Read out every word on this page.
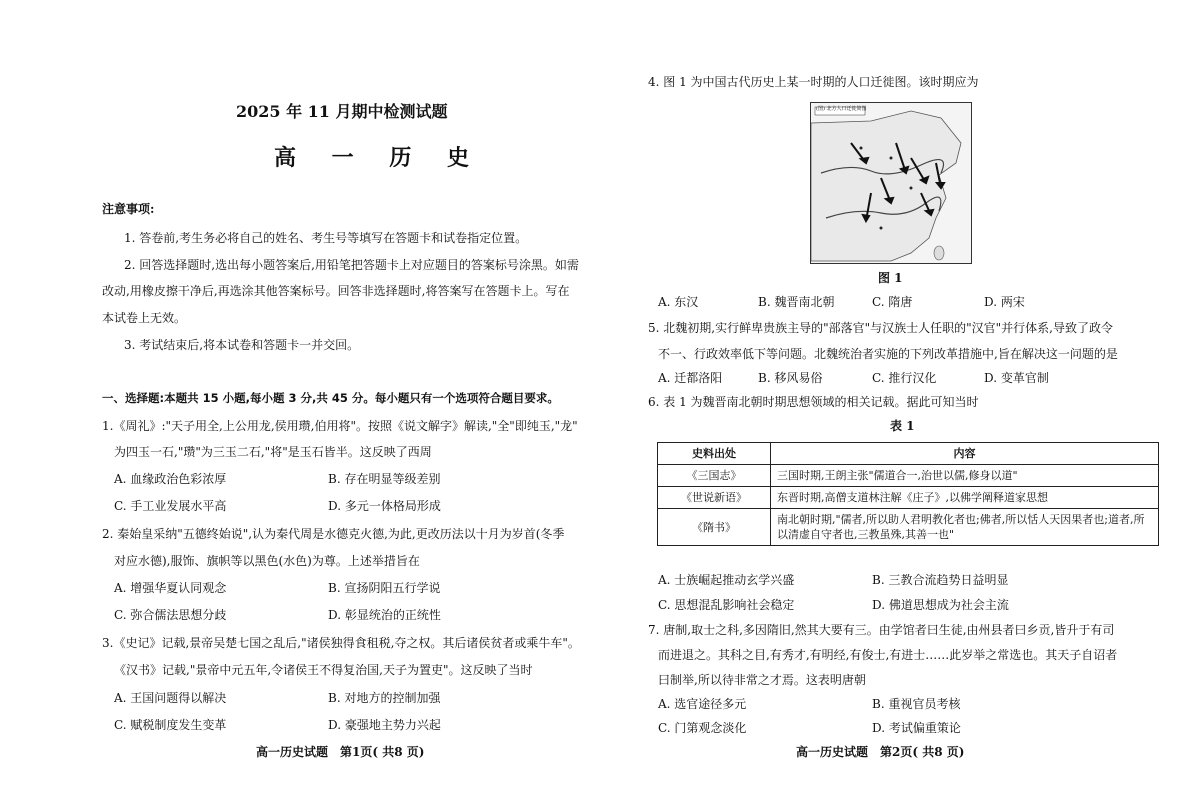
2025 年 11 月期中检测试题
高 一 历 史
注意事项:
1. 答卷前,考生务必将自己的姓名、考生号等填写在答题卡和试卷指定位置。
2. 回答选择题时,选出每小题答案后,用铅笔把答题卡上对应题目的答案标号涂黑。如需
改动,用橡皮擦干净后,再选涂其他答案标号。回答非选择题时,将答案写在答题卡上。写在
本试卷上无效。
3. 考试结束后,将本试卷和答题卡一并交回。
一、选择题:本题共 15 小题,每小题 3 分,共 45 分。每小题只有一个选项符合题目要求。
1.《周礼》:"天子用全,上公用龙,侯用瓒,伯用将"。按照《说文解字》解读,"全"即纯玉,"龙"
为四玉一石,"瓒"为三玉二石,"将"是玉石皆半。这反映了西周
A. 血缘政治色彩浓厚	B. 存在明显等级差别
C. 手工业发展水平高	D. 多元一体格局形成
2. 秦始皇采纳"五德终始说",认为秦代周是水德克火德,为此,更改历法以十月为岁首(冬季
对应水德),服饰、旗帜等以黑色(水色)为尊。上述举措旨在
A. 增强华夏认同观念	B. 宣扬阴阳五行学说
C. 弥合儒法思想分歧	D. 彰显统治的正统性
3.《史记》记载,景帝吴楚七国之乱后,"诸侯独得食租税,夺之权。其后诸侯贫者或乘牛车"。
《汉书》记载,"景帝中元五年,令诸侯王不得复治国,天子为置吏"。这反映了当时
A. 王国问题得以解决	B. 对地方的控制加强
C. 赋税制度发生变革	D. 豪强地主势力兴起
高一历史试题　第1页( 共8 页)
4. 图 1 为中国古代历史上某一时期的人口迁徙图。该时期应为
(图) 北方人口迁徙简图
图 1
A. 东汉	B. 魏晋南北朝	C. 隋唐	D. 两宋
5. 北魏初期,实行鲜卑贵族主导的"部落官"与汉族士人任职的"汉官"并行体系,导致了政令
不一、行政效率低下等问题。北魏统治者实施的下列改革措施中,旨在解决这一问题的是
A. 迁都洛阳	B. 移风易俗	C. 推行汉化	D. 变革官制
6. 表 1 为魏晋南北朝时期思想领域的相关记载。据此可知当时
表 1
史料出处	内容
《三国志》	三国时期,王朗主张"儒道合一,治世以儒,修身以道"
《世说新语》	东晋时期,高僧支道林注解《庄子》,以佛学阐释道家思想
《隋书》	南北朝时期,"儒者,所以助人君明教化者也;佛者,所以恬人天因果者也;道者,所以清虚自守者也,三教虽殊,其善一也"
A. 士族崛起推动玄学兴盛	B. 三教合流趋势日益明显
C. 思想混乱影响社会稳定	D. 佛道思想成为社会主流
7. 唐制,取士之科,多因隋旧,然其大要有三。由学馆者曰生徒,由州县者曰乡贡,皆升于有司
而进退之。其科之目,有秀才,有明经,有俊士,有进士……此岁举之常选也。其天子自诏者
曰制举,所以待非常之才焉。这表明唐朝
A. 选官途径多元	B. 重视官员考核
C. 门第观念淡化	D. 考试偏重策论
高一历史试题　第2页( 共8 页)
